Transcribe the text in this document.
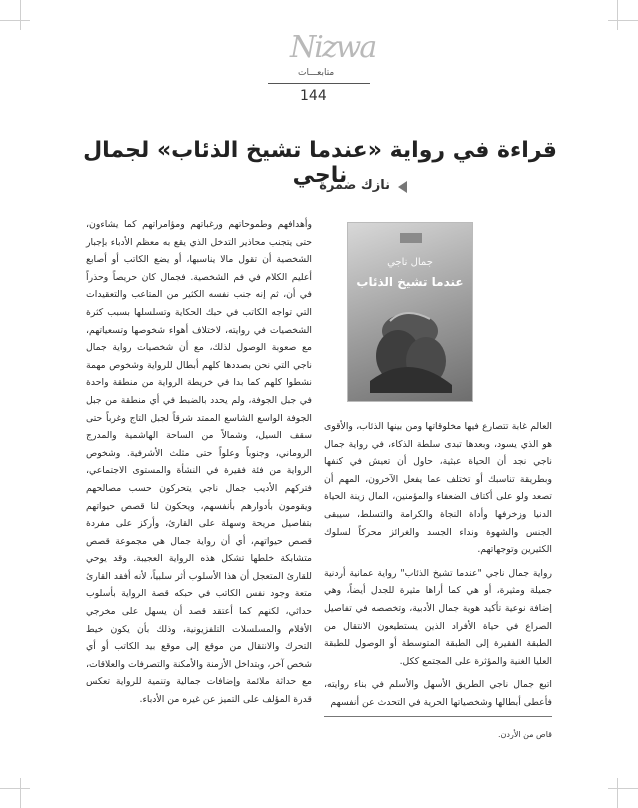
Nizwa
متابعـــات
144
قراءة في رواية «عندما تشيخ الذئاب» لجمال ناجي
نازك ضمرة

وأهدافهم وطموحاتهم ورغباتهم ومؤامراتهم كما يشاءون، حتى يتجنب محاذير التدخل الذي يقع به معظم الأدباء بإجبار الشخصية أن تقول مالا يناسبها، أو يضع الكاتب أو أصابع أعليم الكلام في فم الشخصية. فجمال كان حريصاً وحذراً في أن، ثم إنه جنب نفسه الكثير من المتاعب والتعقيدات التي تواجه الكاتب في حبك الحكاية وتسلسلها بسبب كثرة الشخصيات في روايته، لاختلاف أهواء شخوصها وتسعياتهم، مع صعوبة الوصول لذلك، مع أن شخصيات رواية جمال ناجي التي نحن بصددها كلهم أبطال للرواية وشخوص مهمة نشطوا كلهم كما بدا في خريطة الرواية من منطقة واحدة في جبل الجوفة، ولم يحدد بالضبط في أي منطقة من جبل الجوفة الواسع الشاسع الممتد شرقاً لجبل التاج وغرباً حتى سقف السيل، وشمالاً من الساحة الهاشمية والمدرج الروماني، وجنوباً وعلواً حتى مثلث الأشرفية. وشخوص الرواية من فئة فقيرة في النشأة والمستوى الاجتماعي، فتركهم الأديب جمال ناجي يتحركون حسب مصالحهم ويقومون بأدوارهم بأنفسهم، ويحكون لنا قصص حيواتهم بتفاصيل مريحة وسهلة على القارئ، وأركز على مفردة قصص حيواتهم، أي أن رواية جمال هي مجموعة قصص متشابكة خلطها تشكل هذه الرواية العجيبة. وقد يوحي للقارئ المتعجل أن هذا الأسلوب أثر سلبياً، لأنه أفقد القارئ متعة وجود نفس الكاتب في حبكه قصة الرواية بأسلوب حداثي، لكنهم كما أعتقد قصد أن يسهل على مخرجي الأفلام والمسلسلات التلفزيونية، وذلك بأن يكون خيط التحرك والانتقال من موقع إلى موقع بيد الكاتب أو أي شخص آخر، وبتداخل الأزمنة والأمكنة والتصرفات والعلاقات، مع حداثة ملائمة وإضافات جمالية وتنمية للرواية تعكس قدرة المؤلف على التميز عن غيره من الأدباء.

جمال ناجي
عندما تشيخ الذئاب

العالم غابة تتصارع فيها مخلوقاتها ومن بينها الذئاب، والأقوى هو الذي يسود، وبعدها تبدى سلطة الذكاء، في رواية جمال ناجي نجد أن الحياة عبثية، حاول أن تعيش في كنفها وبطريقة تناسبك أو تختلف عما يفعل الآخرون، المهم أن تصعد ولو على أكتاف الضعفاء والمؤمنين، المال زينة الحياة الدنيا وزخرفها وأداة النجاة والكرامة والتسلط، سيبقى الجنس والشهوة ونداء الجسد والغرائز محركاً لسلوك الكثيرين وتوجهاتهم.

رواية جمال ناجي "عندما تشيخ الذئاب" رواية عمانية أردنية جميلة ومثيرة، أو هي كما أراها مثيرة للجدل أيضاً، وهي إضافة نوعية تأكيد هوية جمال الأدبية، وتخصصه في تفاصيل الصراع في حياة الأفراد الذين يستطيعون الانتقال من الطبقة الفقيرة إلى الطبقة المتوسطة أو الوصول للطبقة العليا الغنية والمؤثرة على المجتمع ككل.

اتبع جمال ناجي الطريق الأسهل والأسلم في بناء روايته، فأعطى أبطالها وشخصياتها الحرية في التحدث عن أنفسهم

قاص من الأردن.
